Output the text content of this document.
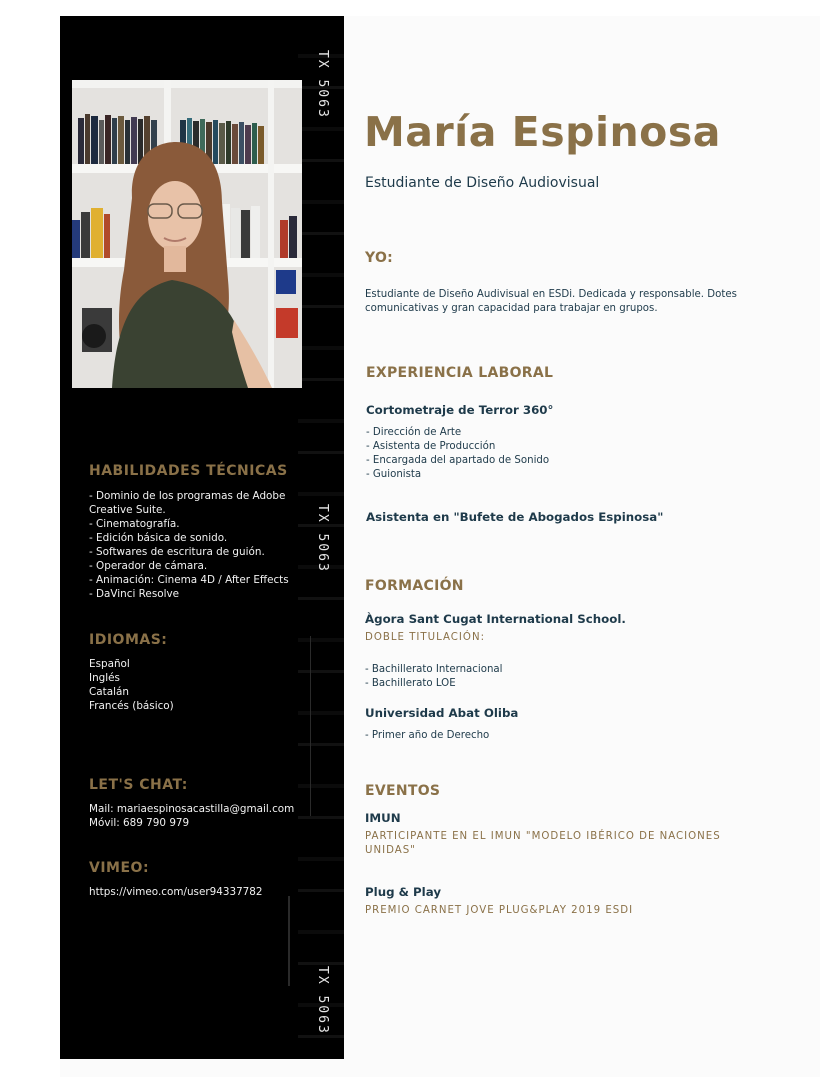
TX 5063
TX 5063
TX 5063
HABILIDADES TÉCNICAS
- Dominio de los programas de Adobe
Creative Suite.
- Cinematografía.
- Edición básica de sonido.
- Softwares de escritura de guión.
- Operador de cámara.
- Animación: Cinema 4D / After Effects
- DaVinci Resolve
IDIOMAS:
Español
Inglés
Catalán
Francés (básico)
LET'S CHAT:
Mail: mariaespinosacastilla@gmail.com
Móvil: 689 790 979
VIMEO:
https://vimeo.com/user94337782
María Espinosa
Estudiante de Diseño Audiovisual
YO:
Estudiante de Diseño Audivisual en ESDi. Dedicada y responsable. Dotes
comunicativas y gran capacidad para trabajar en grupos.
EXPERIENCIA LABORAL
Cortometraje de Terror 360°
- Dirección de Arte
- Asistenta de Producción
- Encargada del apartado de Sonido
- Guionista
Asistenta en "Bufete de Abogados Espinosa"
FORMACIÓN
Àgora Sant Cugat International School.
DOBLE TITULACIÓN:
- Bachillerato Internacional
- Bachillerato LOE
Universidad Abat Oliba
- Primer año de Derecho
EVENTOS
IMUN
PARTICIPANTE EN EL IMUN "MODELO IBÉRICO DE NACIONES
UNIDAS"
Plug & Play
PREMIO CARNET JOVE PLUG&PLAY 2019 ESDI
